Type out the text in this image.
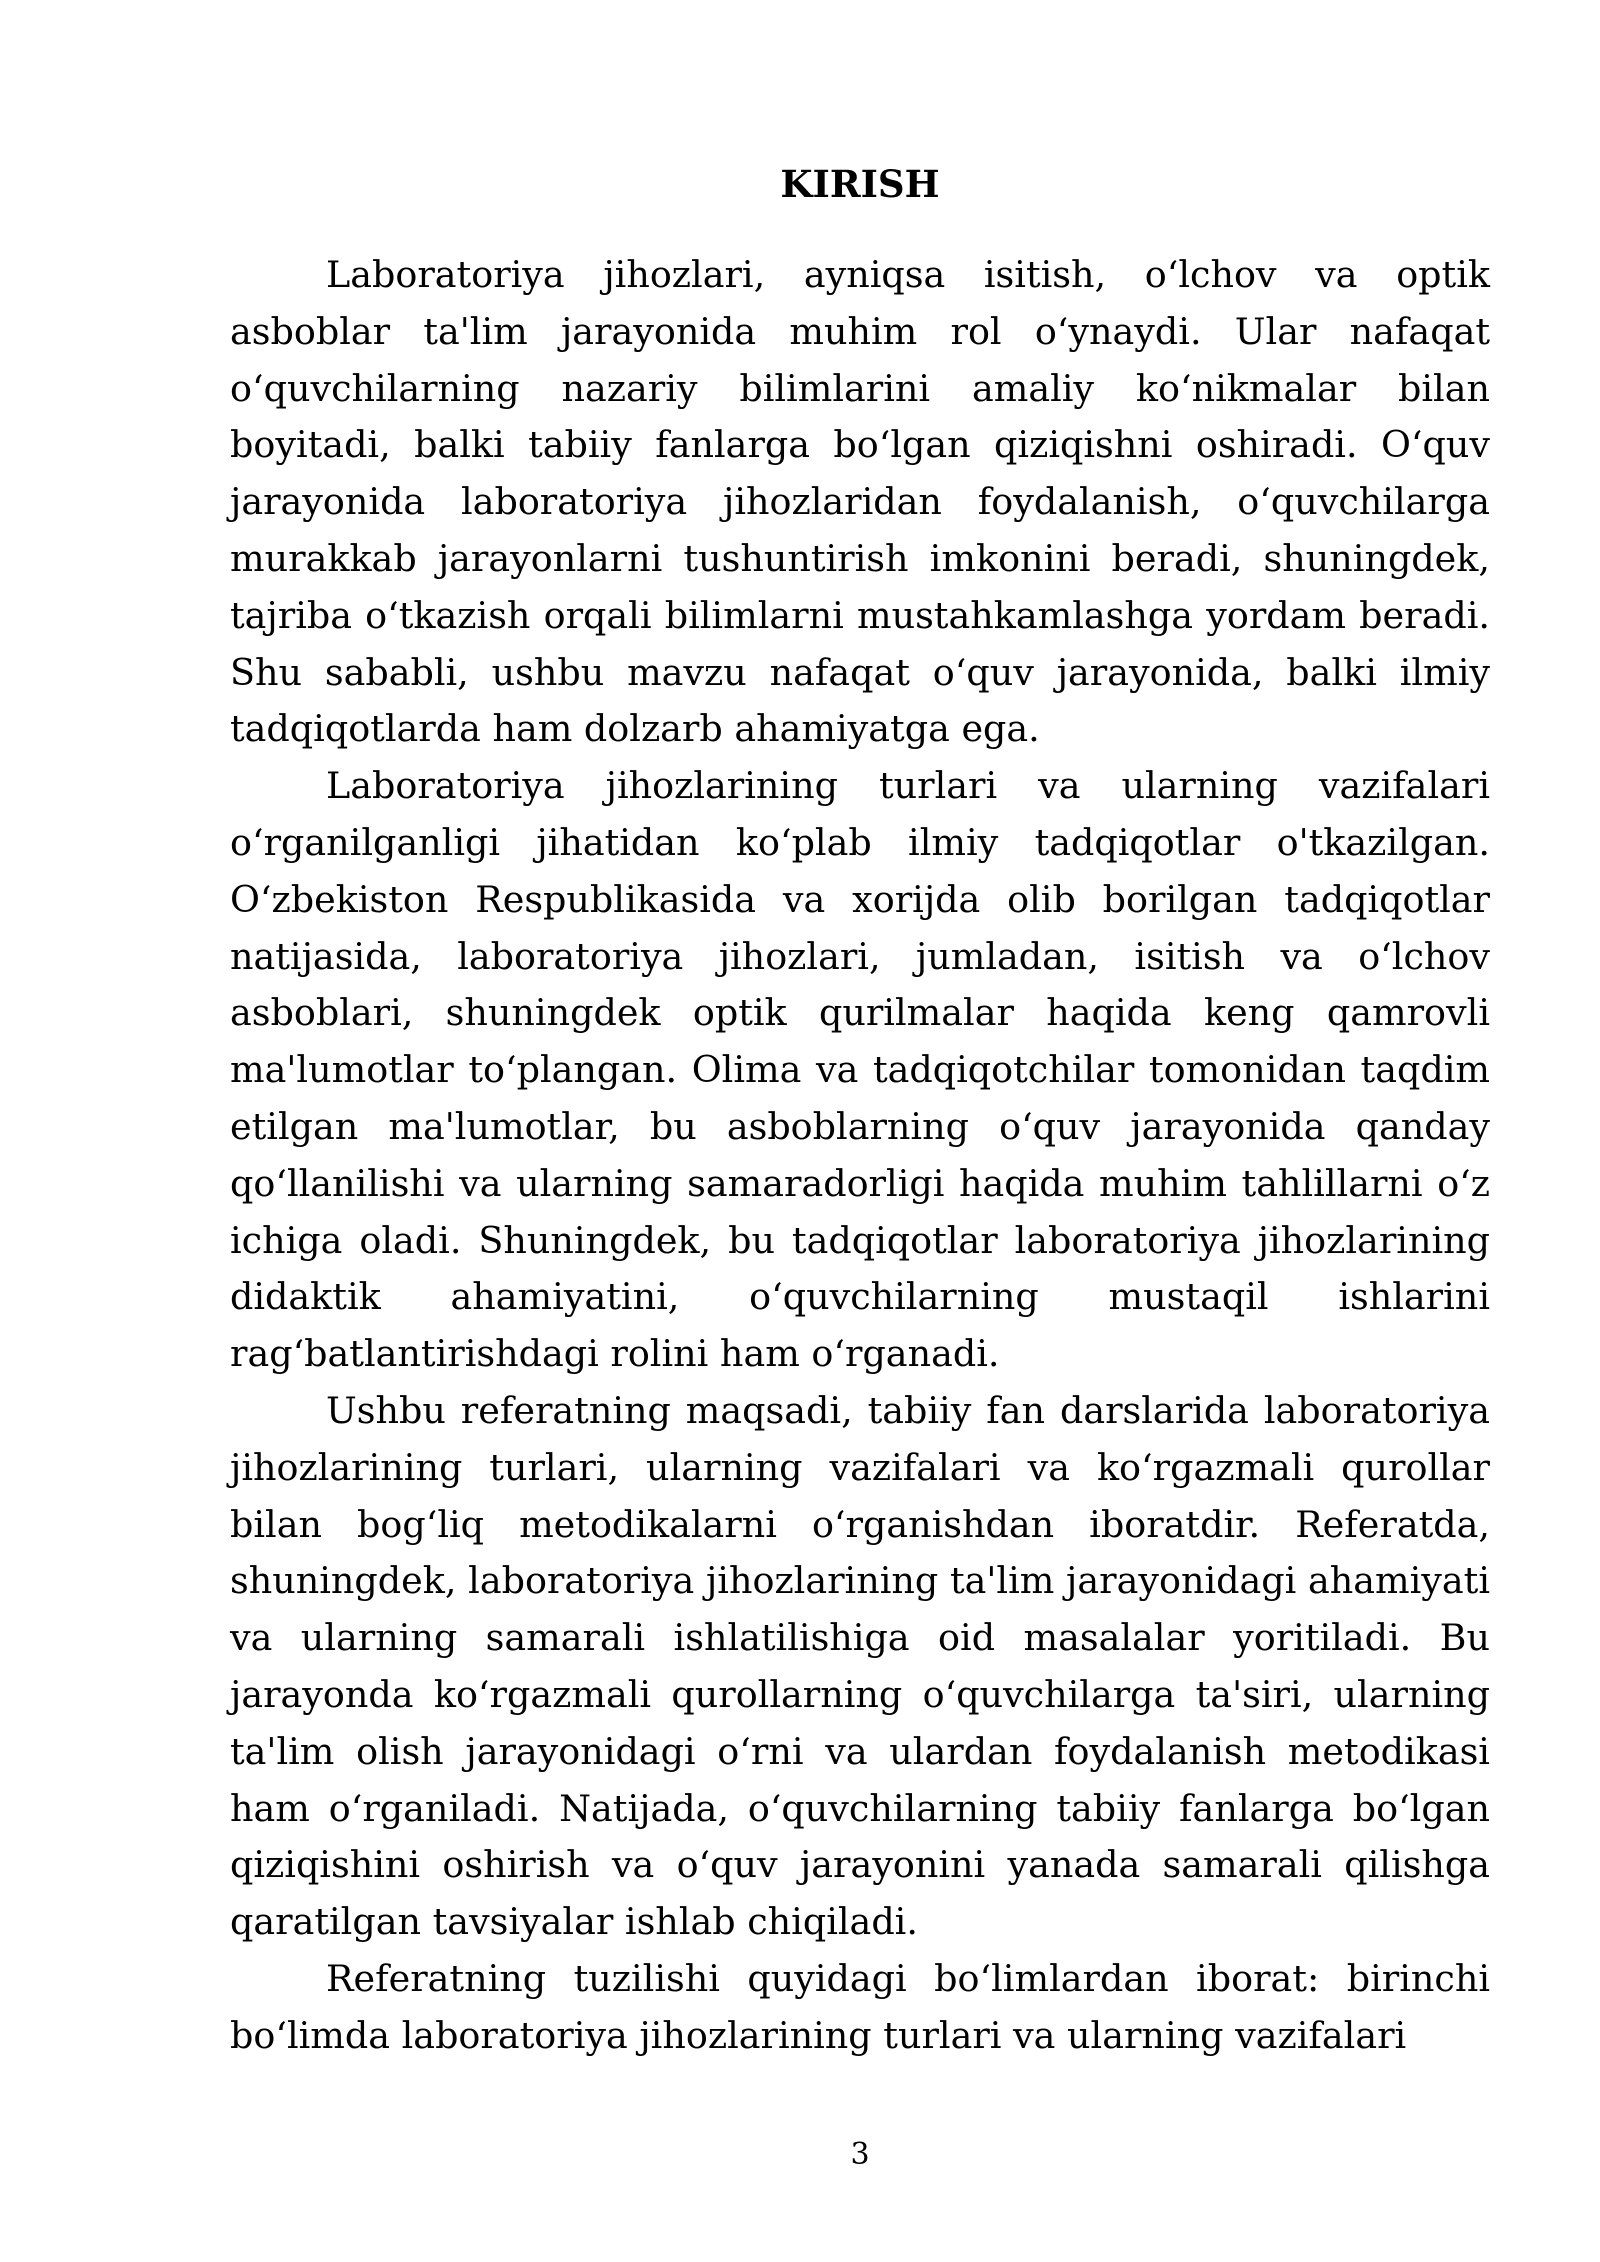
KIRISH

Laboratoriya jihozlari, ayniqsa isitish, o‘lchov va optik asboblar ta'lim jarayonida muhim rol o‘ynaydi. Ular nafaqat o‘quvchilarning nazariy bilimlarini amaliy ko‘nikmalar bilan boyitadi, balki tabiiy fanlarga bo‘lgan qiziqishni oshiradi. O‘quv jarayonida laboratoriya jihozlaridan foydalanish, o‘quvchilarga murakkab jarayonlarni tushuntirish imkonini beradi, shuningdek, tajriba o‘tkazish orqali bilimlarni mustahkamlashga yordam beradi. Shu sababli, ushbu mavzu nafaqat o‘quv jarayonida, balki ilmiy tadqiqotlarda ham dolzarb ahamiyatga ega.

Laboratoriya jihozlarining turlari va ularning vazifalari o‘rganilganligi jihatidan ko‘plab ilmiy tadqiqotlar o'tkazilgan. O‘zbekiston Respublikasida va xorijda olib borilgan tadqiqotlar natijasida, laboratoriya jihozlari, jumladan, isitish va o‘lchov asboblari, shuningdek optik qurilmalar haqida keng qamrovli ma'lumotlar to‘plangan. Olima va tadqiqotchilar tomonidan taqdim etilgan ma'lumotlar, bu asboblarning o‘quv jarayonida qanday qo‘llanilishi va ularning samaradorligi haqida muhim tahlillarni o‘z ichiga oladi. Shuningdek, bu tadqiqotlar laboratoriya jihozlarining didaktik ahamiyatini, o‘quvchilarning mustaqil ishlarini rag‘batlantirishdagi rolini ham o‘rganadi.

Ushbu referatning maqsadi, tabiiy fan darslarida laboratoriya jihozlarining turlari, ularning vazifalari va ko‘rgazmali qurollar bilan bog‘liq metodikalarni o‘rganishdan iboratdir. Referatda, shuningdek, laboratoriya jihozlarining ta'lim jarayonidagi ahamiyati va ularning samarali ishlatilishiga oid masalalar yoritiladi. Bu jarayonda ko‘rgazmali qurollarning o‘quvchilarga ta'siri, ularning ta'lim olish jarayonidagi o‘rni va ulardan foydalanish metodikasi ham o‘rganiladi. Natijada, o‘quvchilarning tabiiy fanlarga bo‘lgan qiziqishini oshirish va o‘quv jarayonini yanada samarali qilishga qaratilgan tavsiyalar ishlab chiqiladi.

Referatning tuzilishi quyidagi bo‘limlardan iborat: birinchi bo‘limda laboratoriya jihozlarining turlari va ularning vazifalari

3
